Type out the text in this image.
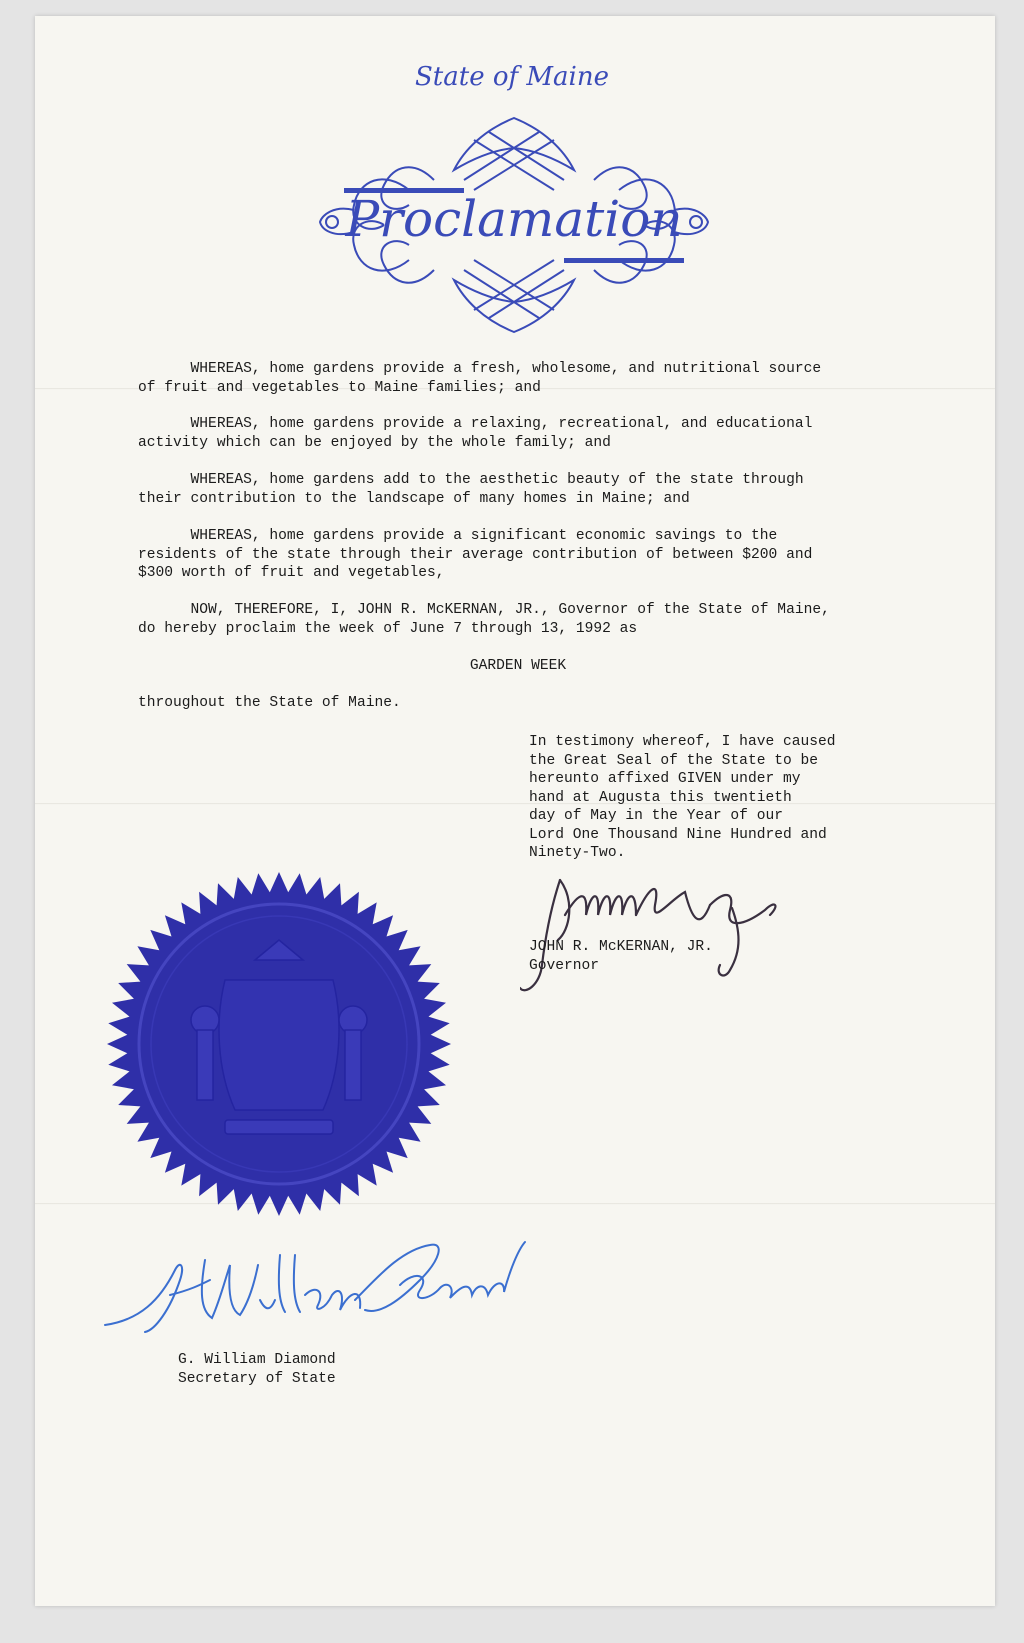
State of Maine
Proclamation
WHEREAS, home gardens provide a fresh, wholesome, and nutritional source
of fruit and vegetables to Maine families; and
WHEREAS, home gardens provide a relaxing, recreational, and educational
activity which can be enjoyed by the whole family; and
WHEREAS, home gardens add to the aesthetic beauty of the state through
their contribution to the landscape of many homes in Maine; and
WHEREAS, home gardens provide a significant economic savings to the
residents of the state through their average contribution of between $200 and
$300 worth of fruit and vegetables,
NOW, THEREFORE, I, JOHN R. McKERNAN, JR., Governor of the State of Maine,
do hereby proclaim the week of June 7 through 13, 1992 as
GARDEN WEEK
throughout the State of Maine.
In testimony whereof, I have caused
the Great Seal of the State to be
hereunto affixed GIVEN under my
hand at Augusta this twentieth
day of May in the Year of our
Lord One Thousand Nine Hundred and
Ninety-Two.
JOHN R. McKERNAN, JR.
Governor
G. William Diamond
Secretary of State
